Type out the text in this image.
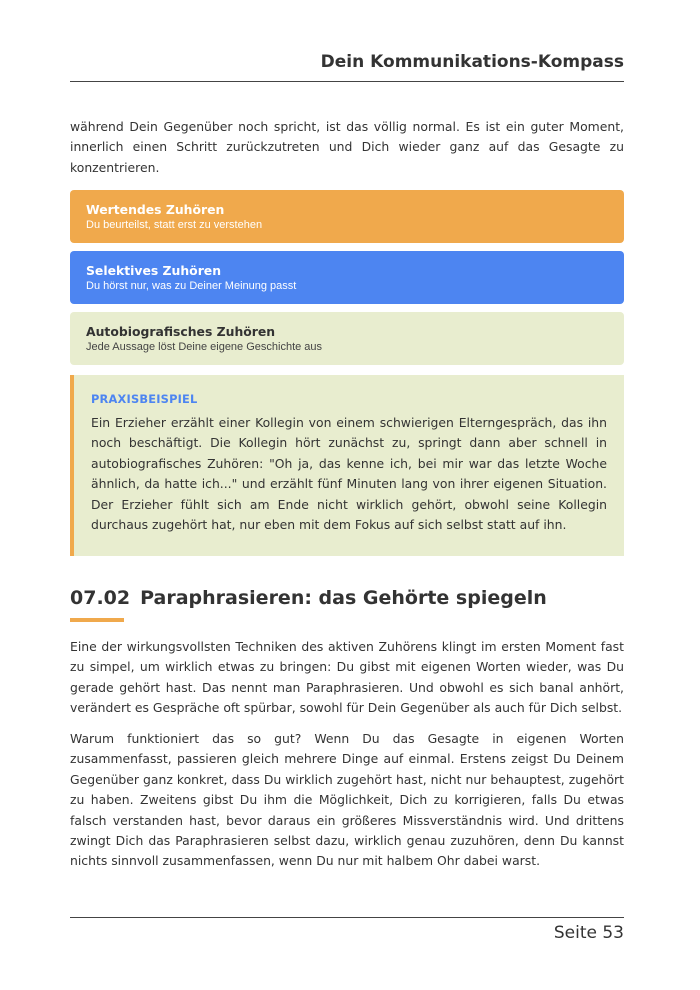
Dein Kommunikations-Kompass

während Dein Gegenüber noch spricht, ist das völlig normal. Es ist ein guter Moment, innerlich einen Schritt zurückzutreten und Dich wieder ganz auf das Gesagte zu konzentrieren.

Wertendes Zuhören
Du beurteilst, statt erst zu verstehen
Selektives Zuhören
Du hörst nur, was zu Deiner Meinung passt
Autobiografisches Zuhören
Jede Aussage löst Deine eigene Geschichte aus
PRAXISBEISPIEL

Ein Erzieher erzählt einer Kollegin von einem schwierigen Elterngespräch, das ihn noch beschäftigt. Die Kollegin hört zunächst zu, springt dann aber schnell in autobiografisches Zuhören: "Oh ja, das kenne ich, bei mir war das letzte Woche ähnlich, da hatte ich..." und erzählt fünf Minuten lang von ihrer eigenen Situation. Der Erzieher fühlt sich am Ende nicht wirklich gehört, obwohl seine Kollegin durchaus zugehört hat, nur eben mit dem Fokus auf sich selbst statt auf ihn.

07.02 Paraphrasieren: das Gehörte spiegeln

Eine der wirkungsvollsten Techniken des aktiven Zuhörens klingt im ersten Moment fast zu simpel, um wirklich etwas zu bringen: Du gibst mit eigenen Worten wieder, was Du gerade gehört hast. Das nennt man Paraphrasieren. Und obwohl es sich banal anhört, verändert es Gespräche oft spürbar, sowohl für Dein Gegenüber als auch für Dich selbst.

Warum funktioniert das so gut? Wenn Du das Gesagte in eigenen Worten zusammenfasst, passieren gleich mehrere Dinge auf einmal. Erstens zeigst Du Deinem Gegenüber ganz konkret, dass Du wirklich zugehört hast, nicht nur behauptest, zugehört zu haben. Zweitens gibst Du ihm die Möglichkeit, Dich zu korrigieren, falls Du etwas falsch verstanden hast, bevor daraus ein größeres Missverständnis wird. Und drittens zwingt Dich das Paraphrasieren selbst dazu, wirklich genau zuzuhören, denn Du kannst nichts sinnvoll zusammenfassen, wenn Du nur mit halbem Ohr dabei warst.

Seite 53
